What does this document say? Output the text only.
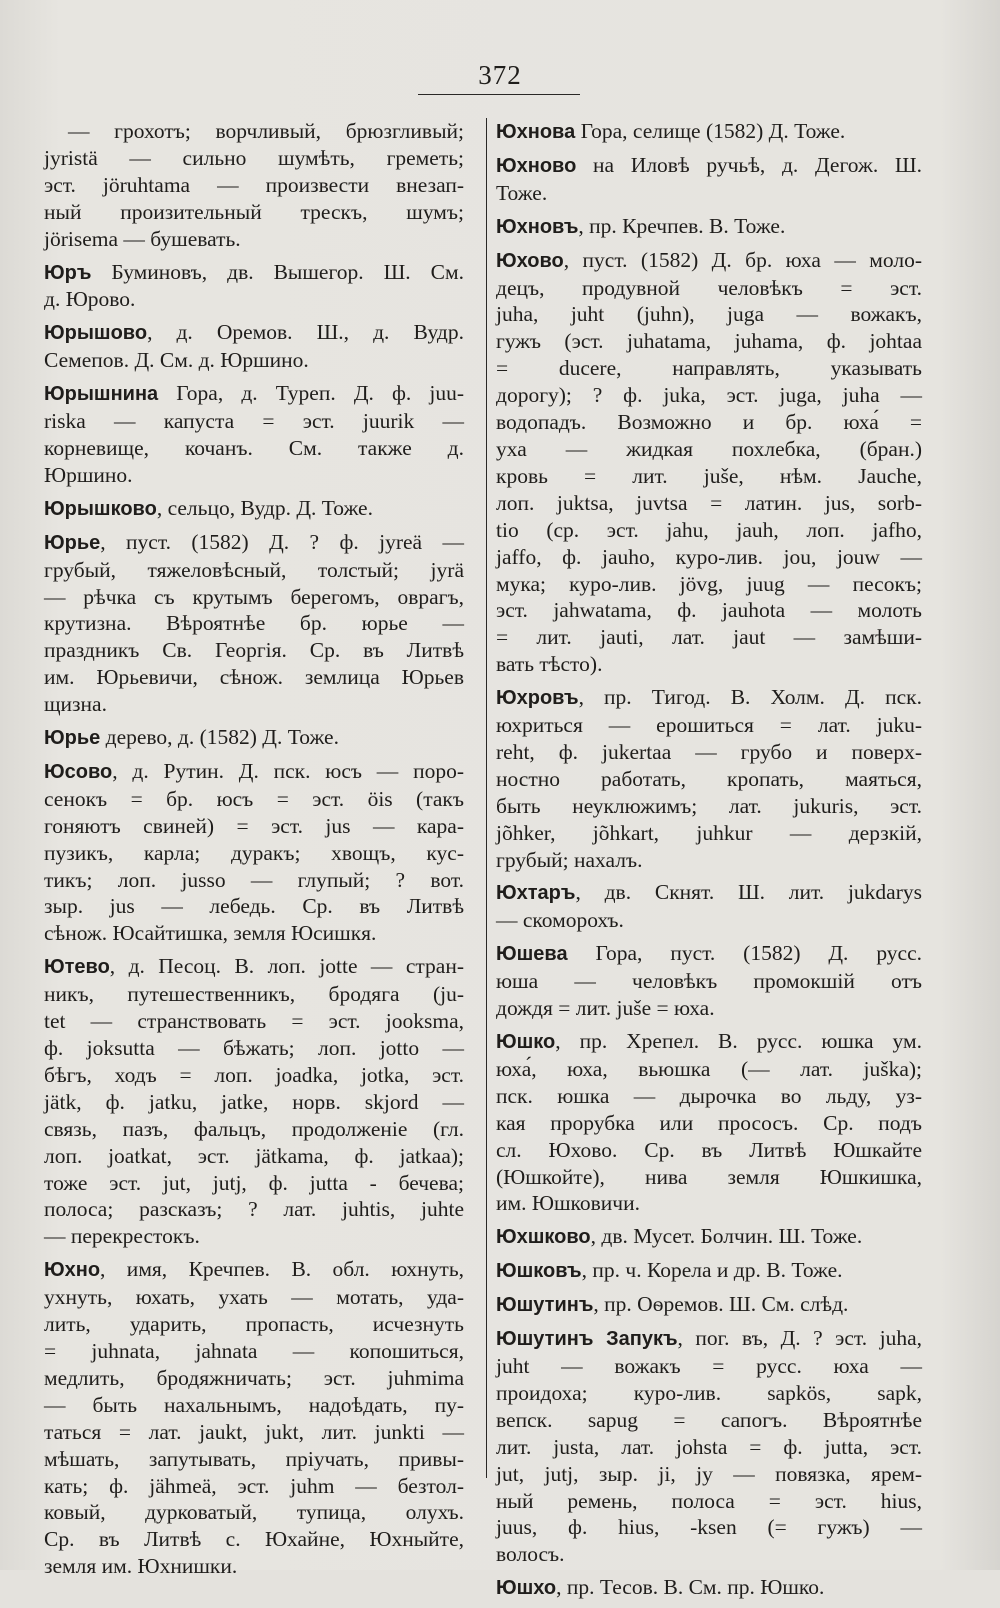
372
— грохотъ; ворчливый, брюзгливый;
jyristä — сильно шумѣть, греметь;
эст. jöruhtama — произвести внезап-
ный произительный трескъ, шумъ;
jörisema — бушевать.
Юръ Буминовъ, дв. Вышегор. Ш. См.
д. Юрово.
Юрышово, д. Оремов. Ш., д. Вудр.
Семепов. Д. См. д. Юршино.
Юрышнина Гора, д. Туреп. Д. ф. juu-
riska — капуста = эст. juurik —
корневище, кочанъ. См. также д.
Юршино.
Юрышково, сельцо, Вудр. Д. Тоже.
Юрье, пуст. (1582) Д. ? ф. jyreä —
грубый, тяжеловѣсный, толстый; jyrä
— рѣчка съ крутымъ берегомъ, оврагъ,
крутизна. Вѣроятнѣе бр. юрье —
праздникъ Св. Георгія. Ср. въ Литвѣ
им. Юрьевичи, сѣнож. землица Юрьев
щизна.
Юрье дерево, д. (1582) Д. Тоже.
Юсово, д. Рутин. Д. пск. юсъ — поро-
сенокъ = бр. юсъ = эст. öis (такъ
гоняютъ свиней) = эст. jus — кара-
пузикъ, карла; дуракъ; хвощъ, кус-
тикъ; лоп. jusso — глупый; ? вот.
зыр. jus — лебедь. Ср. въ Литвѣ
сѣнож. Юсайтишка, земля Юсишкя.
Ютево, д. Песоц. В. лоп. jotte — стран-
никъ, путешественникъ, бродяга (ju-
tet — странствовать = эст. jooksma,
ф. joksutta — бѣжать; лоп. jotto —
бѣгъ, ходъ = лоп. joadka, jotka, эст.
jätk, ф. jatku, jatke, норв. skjord —
связь, пазъ, фальцъ, продолженіе (гл.
лоп. joatkat, эст. jätkama, ф. jatkaa);
тоже эст. jut, jutj, ф. jutta - бечева;
полоса; разсказъ; ? лат. juhtis, juhte
— перекрестокъ.
Юхно, имя, Кречпев. В. обл. юхнуть,
ухнуть, юхать, ухать — мотать, уда-
лить, ударить, пропасть, исчезнуть
= juhnata, jahnata — копошиться,
медлить, бродяжничать; эст. juhmima
— быть нахальнымъ, надоѣдать, пу-
таться = лат. jaukt, jukt, лит. junkti —
мѣшать, запутывать, пріучать, привы-
кать; ф. jähmeä, эст. juhm — безтол-
ковый, дурковатый, тупица, олухъ.
Ср. въ Литвѣ с. Юхайне, Юхныйте,
земля им. Юхнишки.
Юхнова Гора, селище (1582) Д. Тоже.
Юхново на Иловѣ ручьѣ, д. Дегож. Ш.
Тоже.
Юхновъ, пр. Кречпев. В. Тоже.
Юхово, пуст. (1582) Д. бр. юха — моло-
децъ, продувной человѣкъ = эст.
juha, juht (juhn), juga — вожакъ,
гужъ (эст. juhatama, juhama, ф. johtaa
= ducere, направлять, указывать
дорогу); ? ф. juka, эст. juga, juha —
водопадъ. Возможно и бр. юха́ =
уха — жидкая похлебка, (бран.)
кровь = лит. juše, нѣм. Jauche,
лоп. juktsa, juvtsa = латин. jus, sorb-
tio (ср. эст. jahu, jauh, лоп. jafho,
jaffo, ф. jauho, куро-лив. jou, jouw —
мука; куро-лив. jövg, juug — песокъ;
эст. jahwatama, ф. jauhota — молоть
= лит. jauti, лат. jaut — замѣши-
вать тѣсто).
Юхровъ, пр. Тигод. В. Холм. Д. пск.
юхриться — ерошиться = лат. juku-
reht, ф. jukertaa — грубо и поверх-
ностно работать, кропать, маяться,
быть неуклюжимъ; лат. jukuris, эст.
jõhker, jõhkart, juhkur — дерзкій,
грубый; нахалъ.
Юхтаръ, дв. Скнят. Ш. лит. jukdarys
— скоморохъ.
Юшева Гора, пуст. (1582) Д. русс.
юша — человѣкъ промокшій отъ
дождя = лит. juše = юха.
Юшко, пр. Хрепел. В. русс. юшка ум.
юха́, юха, вьюшка (— лат. juška);
пск. юшка — дырочка во льду, уз-
кая прорубка или прососъ. Ср. подъ
сл. Юхово. Ср. въ Литвѣ Юшкайте
(Юшкойте), нива земля Юшкишка,
им. Юшковичи.
Юхшково, дв. Мусет. Болчин. Ш. Тоже.
Юшковъ, пр. ч. Корела и др. В. Тоже.
Юшутинъ, пр. Оѳремов. Ш. См. слѣд.
Юшутинъ Запукъ, пог. въ, Д. ? эст. juha,
juht — вожакъ = русс. юха —
проидоха; куро-лив. sapkös, sapk,
вепск. sapug = сапогъ. Вѣроятнѣе
лит. justa, лат. johsta = ф. jutta, эст.
jut, jutj, зыр. ji, jy — повязка, ярем-
ный ремень, полоса = эст. hius,
juus, ф. hius, -ksen (= гужъ) —
волосъ.
Юшхо, пр. Тесов. В. См. пр. Юшко.
